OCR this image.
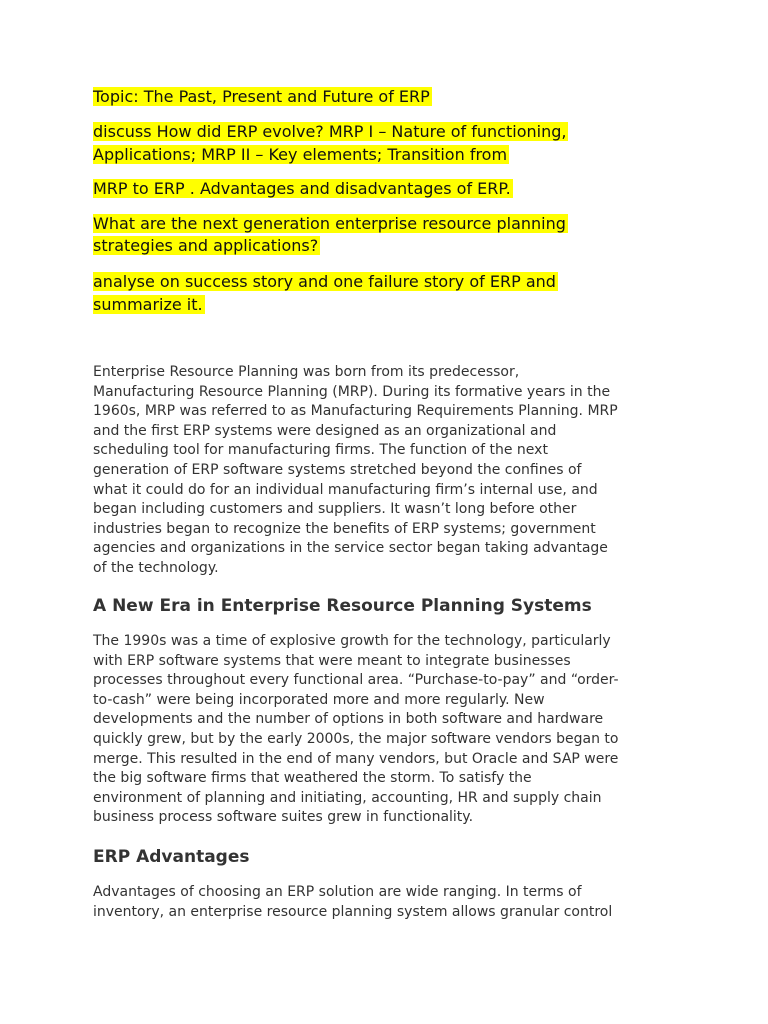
Topic: The Past, Present and Future of ERP
discuss How did ERP evolve? MRP I – Nature of functioning,
Applications; MRP II – Key elements; Transition from
MRP to ERP . Advantages and disadvantages of ERP.
What are the next generation enterprise resource planning
strategies and applications?
analyse on success story and one failure story of ERP and
summarize it.
Enterprise Resource Planning was born from its predecessor,
Manufacturing Resource Planning (MRP). During its formative years in the
1960s, MRP was referred to as Manufacturing Requirements Planning. MRP
and the first ERP systems were designed as an organizational and
scheduling tool for manufacturing firms. The function of the next
generation of ERP software systems stretched beyond the confines of
what it could do for an individual manufacturing firm’s internal use, and
began including customers and suppliers. It wasn’t long before other
industries began to recognize the benefits of ERP systems; government
agencies and organizations in the service sector began taking advantage
of the technology.
A New Era in Enterprise Resource Planning Systems
The 1990s was a time of explosive growth for the technology, particularly
with ERP software systems that were meant to integrate businesses
processes throughout every functional area. “Purchase-to-pay” and “order-
to-cash” were being incorporated more and more regularly. New
developments and the number of options in both software and hardware
quickly grew, but by the early 2000s, the major software vendors began to
merge. This resulted in the end of many vendors, but Oracle and SAP were
the big software firms that weathered the storm. To satisfy the
environment of planning and initiating, accounting, HR and supply chain
business process software suites grew in functionality.
ERP Advantages
Advantages of choosing an ERP solution are wide ranging. In terms of
inventory, an enterprise resource planning system allows granular control
